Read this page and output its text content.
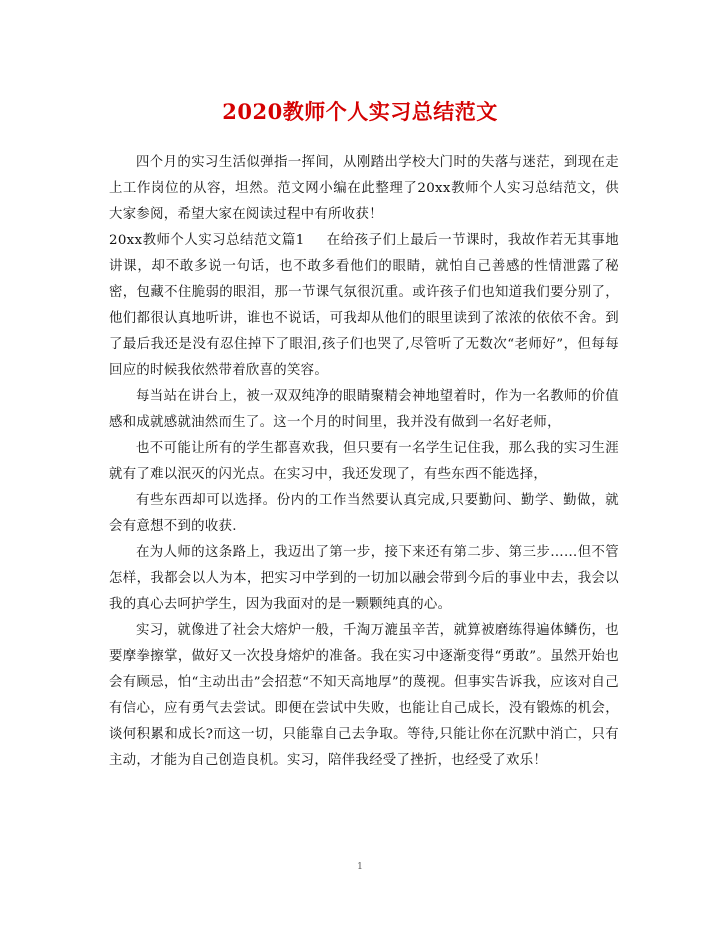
2020教师个人实习总结范文

四个月的实习生活似弹指一挥间，从刚踏出学校大门时的失落与迷茫，到现在走上工作岗位的从容，坦然。范文网小编在此整理了20xx教师个人实习总结范文，供大家参阅，希望大家在阅读过程中有所收获！

20xx教师个人实习总结范文篇1 在给孩子们上最后一节课时，我故作若无其事地讲课，却不敢多说一句话，也不敢多看他们的眼睛，就怕自己善感的性情泄露了秘密，包藏不住脆弱的眼泪，那一节课气氛很沉重。或许孩子们也知道我们要分别了，他们都很认真地听讲，谁也不说话，可我却从他们的眼里读到了浓浓的依依不舍。到了最后我还是没有忍住掉下了眼泪,孩子们也哭了,尽管听了无数次“老师好”，但每每回应的时候我依然带着欣喜的笑容。

每当站在讲台上，被一双双纯净的眼睛聚精会神地望着时，作为一名教师的价值感和成就感就油然而生了。这一个月的时间里，我并没有做到一名好老师，

也不可能让所有的学生都喜欢我，但只要有一名学生记住我，那么我的实习生涯就有了难以泯灭的闪光点。在实习中，我还发现了，有些东西不能选择，

有些东西却可以选择。份内的工作当然要认真完成,只要勤问、勤学、勤做，就会有意想不到的收获.

在为人师的这条路上，我迈出了第一步，接下来还有第二步、第三步……但不管怎样，我都会以人为本，把实习中学到的一切加以融会带到今后的事业中去，我会以我的真心去呵护学生，因为我面对的是一颗颗纯真的心。

实习，就像进了社会大熔炉一般，千淘万漉虽辛苦，就算被磨练得遍体鳞伤，也要摩拳擦掌，做好又一次投身熔炉的准备。我在实习中逐渐变得“勇敢”。虽然开始也会有顾忌，怕“主动出击”会招惹“不知天高地厚”的蔑视。但事实告诉我，应该对自己有信心，应有勇气去尝试。即便在尝试中失败，也能让自己成长，没有锻炼的机会，谈何积累和成长?而这一切，只能靠自己去争取。等待,只能让你在沉默中消亡，只有主动，才能为自己创造良机。实习，陪伴我经受了挫折，也经受了欢乐！

1
